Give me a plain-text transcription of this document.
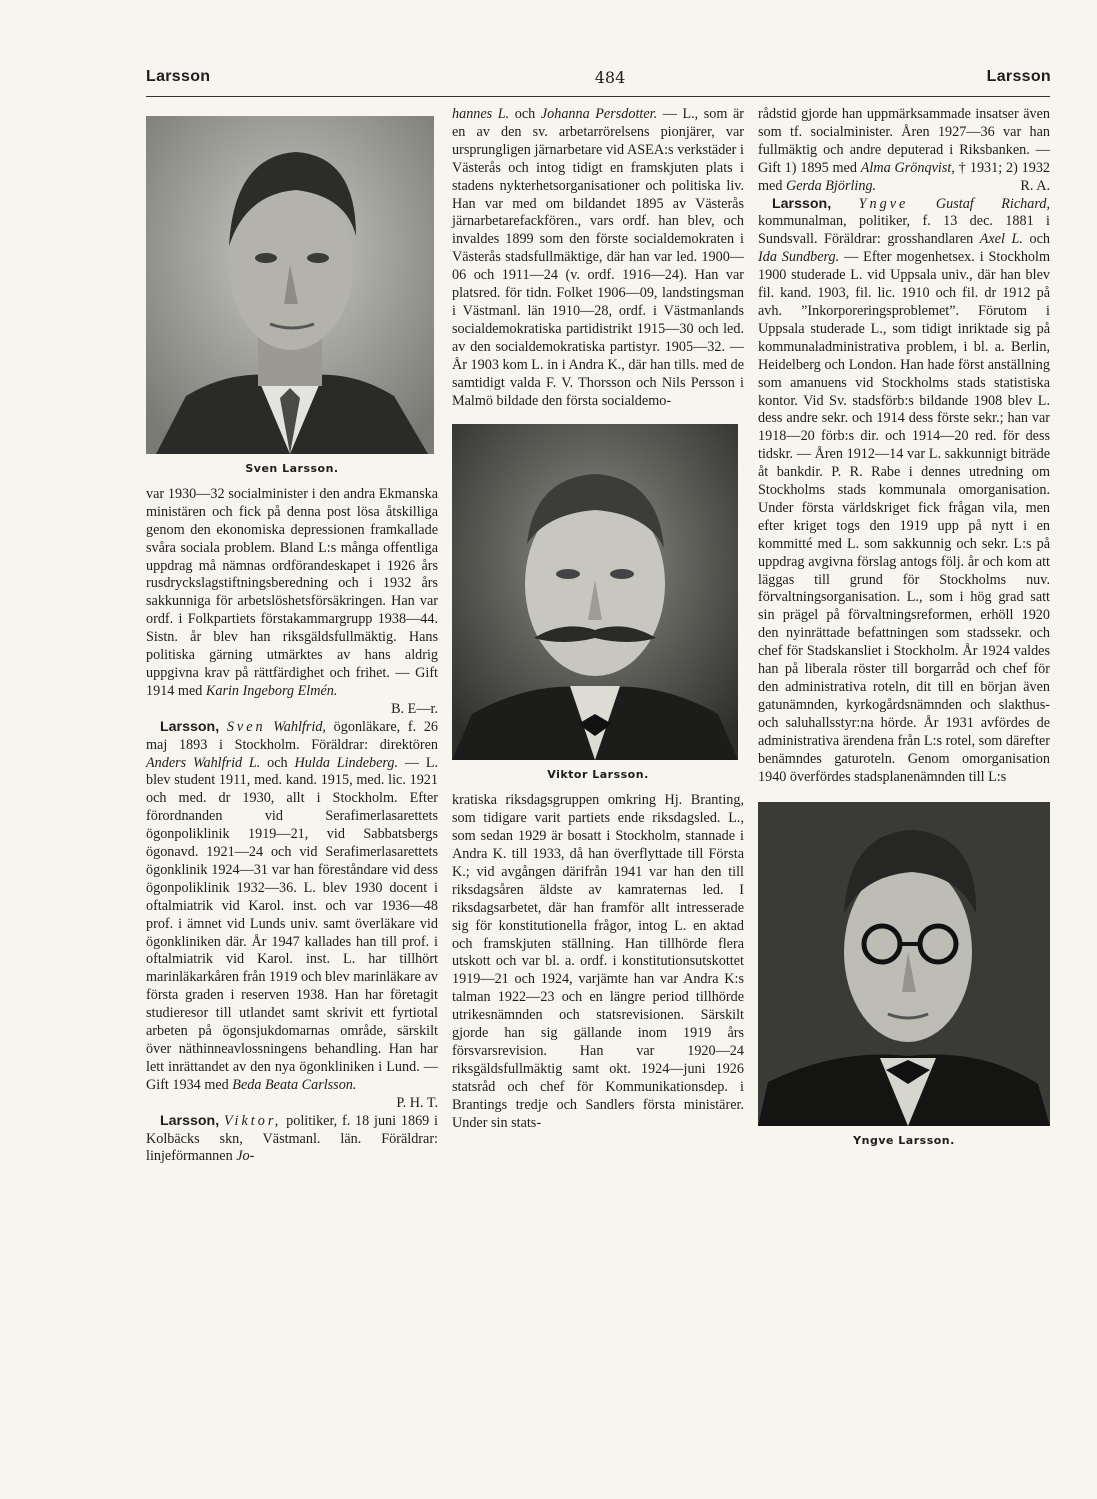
Larsson	484	Larsson
Sven Larsson.

var 1930—32 socialminister i den andra Ekmanska ministären och fick på denna post lösa åtskilliga genom den ekonomiska depressionen framkallade svåra sociala problem. Bland L:s många offentliga uppdrag må nämnas ordförandeskapet i 1926 års rusdryckslagstiftningsberedning och i 1932 års sakkunniga för arbetslöshetsförsäkringen. Han var ordf. i Folkpartiets förstakammargrupp 1938—44. Sistn. år blev han riksgäldsfullmäktig. Hans politiska gärning utmärktes av hans aldrig uppgivna krav på rättfärdighet och frihet. — Gift 1914 med Karin Ingeborg Elmén.

B. E—r.

Larsson, Sven Wahlfrid, ögonläkare, f. 26 maj 1893 i Stockholm. Föräldrar: direktören Anders Wahlfrid L. och Hulda Lindeberg. — L. blev student 1911, med. kand. 1915, med. lic. 1921 och med. dr 1930, allt i Stockholm. Efter förordnanden vid Serafimerlasarettets ögonpoliklinik 1919—21, vid Sabbatsbergs ögonavd. 1921—24 och vid Serafimerlasarettets ögonklinik 1924—31 var han föreståndare vid dess ögonpoliklinik 1932—36. L. blev 1930 docent i oftalmiatrik vid Karol. inst. och var 1936—48 prof. i ämnet vid Lunds univ. samt överläkare vid ögonkliniken där. År 1947 kallades han till prof. i oftalmiatrik vid Karol. inst. L. har tillhört marinläkarkåren från 1919 och blev marinläkare av första graden i reserven 1938. Han har företagit studieresor till utlandet samt skrivit ett fyrtiotal arbeten på ögonsjukdomarnas område, särskilt över näthinneavlossningens behandling. Han har lett inrättandet av den nya ögonkliniken i Lund. — Gift 1934 med Beda Beata Carlsson.

P. H. T.

Larsson, Viktor, politiker, f. 18 juni 1869 i Kolbäcks skn, Västmanl. län. Föräldrar: linjeförmannen Jo-

hannes L. och Johanna Persdotter. — L., som är en av den sv. arbetarrörelsens pionjärer, var ursprungligen järnarbetare vid ASEA:s verkstäder i Västerås och intog tidigt en framskjuten plats i stadens nykterhetsorganisationer och politiska liv. Han var med om bildandet 1895 av Västerås järnarbetarefackfören., vars ordf. han blev, och invaldes 1899 som den förste socialdemokraten i Västerås stadsfullmäktige, där han var led. 1900—06 och 1911—24 (v. ordf. 1916—24). Han var platsred. för tidn. Folket 1906—09, landstingsman i Västmanl. län 1910—28, ordf. i Västmanlands socialdemokratiska partidistrikt 1915—30 och led. av den socialdemokratiska partistyr. 1905—32. — År 1903 kom L. in i Andra K., där han tills. med de samtidigt valda F. V. Thorsson och Nils Persson i Malmö bildade den första socialdemo-

Viktor Larsson.

kratiska riksdagsgruppen omkring Hj. Branting, som tidigare varit partiets ende riksdagsled. L., som sedan 1929 är bosatt i Stockholm, stannade i Andra K. till 1933, då han överflyttade till Första K.; vid avgången därifrån 1941 var han den till riksdagsåren äldste av kamraternas led. I riksdagsarbetet, där han framför allt intresserade sig för konstitutionella frågor, intog L. en aktad och framskjuten ställning. Han tillhörde flera utskott och var bl. a. ordf. i konstitutionsutskottet 1919—21 och 1924, varjämte han var Andra K:s talman 1922—23 och en längre period tillhörde utrikesnämnden och statsrevisionen. Särskilt gjorde han sig gällande inom 1919 års försvarsrevision. Han var 1920—24 riksgäldsfullmäktig samt okt. 1924—juni 1926 statsråd och chef för Kommunikationsdep. i Brantings tredje och Sandlers första ministärer. Under sin stats-

rådstid gjorde han uppmärksammade insatser även som tf. socialminister. Åren 1927—36 var han fullmäktig och andre deputerad i Riksbanken. — Gift 1) 1895 med Alma Grönqvist, † 1931; 2) 1932 med Gerda Björling.	R. A.

Larsson, Yngve Gustaf Richard, kommunalman, politiker, f. 13 dec. 1881 i Sundsvall. Föräldrar: grosshandlaren Axel L. och Ida Sundberg. — Efter mogenhetsex. i Stockholm 1900 studerade L. vid Uppsala univ., där han blev fil. kand. 1903, fil. lic. 1910 och fil. dr 1912 på avh. ”Inkorporeringsproblemet”. Förutom i Uppsala studerade L., som tidigt inriktade sig på kommunaladministrativa problem, i bl. a. Berlin, Heidelberg och London. Han hade först anställning som amanuens vid Stockholms stads statistiska kontor. Vid Sv. stadsförb:s bildande 1908 blev L. dess andre sekr. och 1914 dess förste sekr.; han var 1918—20 förb:s dir. och 1914—20 red. för dess tidskr. — Åren 1912—14 var L. sakkunnigt biträde åt bankdir. P. R. Rabe i dennes utredning om Stockholms stads kommunala omorganisation. Under första världskriget fick frågan vila, men efter kriget togs den 1919 upp på nytt i en kommitté med L. som sakkunnig och sekr. L:s på uppdrag avgivna förslag antogs följ. år och kom att läggas till grund för Stockholms nuv. förvaltningsorganisation. L., som i hög grad satt sin prägel på förvaltningsreformen, erhöll 1920 den nyinrättade befattningen som stadssekr. och chef för Stadskansliet i Stockholm. År 1924 valdes han på liberala röster till borgarråd och chef för den administrativa roteln, dit till en början även gatunämnden, kyrkogårdsnämnden och slakthus- och saluhallsstyr:na hörde. År 1931 avfördes de administrativa ärendena från L:s rotel, som därefter benämndes gaturoteln. Genom omorganisation 1940 överfördes stadsplanenämnden till L:s

Yngve Larsson.
